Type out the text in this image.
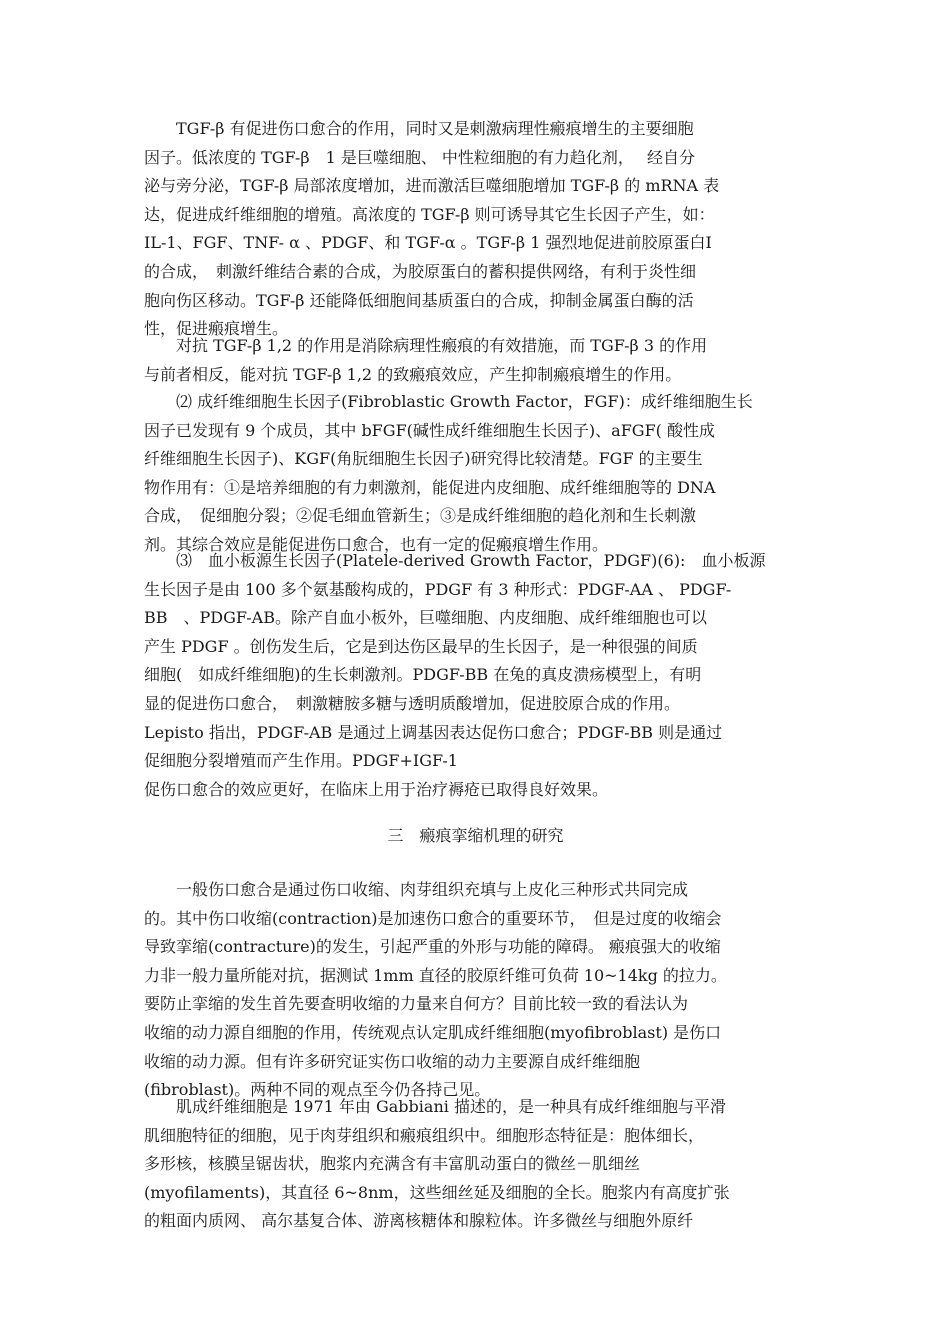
　　TGF-β 有促进伤口愈合的作用，同时又是刺激病理性瘢痕增生的主要细胞
因子。低浓度的 TGF-β　1 是巨噬细胞、 中性粒细胞的有力趋化剂，　 经自分
泌与旁分泌，TGF-β 局部浓度增加，进而激活巨噬细胞增加 TGF-β 的 mRNA 表
达，促进成纤维细胞的增殖。高浓度的 TGF-β 则可诱导其它生长因子产生，如：
IL-1、FGF、TNF- α 、PDGF、和 TGF-α 。TGF-β 1 强烈地促进前胶原蛋白Ⅰ
的合成，　刺激纤维结合素的合成，为胶原蛋白的蓄积提供网络，有利于炎性细
胞向伤区移动。TGF-β 还能降低细胞间基质蛋白的合成，抑制金属蛋白酶的活
性，促进瘢痕增生。
　　对抗 TGF-β 1,2 的作用是消除病理性瘢痕的有效措施，而 TGF-β 3 的作用
与前者相反，能对抗 TGF-β 1,2 的致瘢痕效应，产生抑制瘢痕增生的作用。
　　⑵ 成纤维细胞生长因子(Fibroblastic Growth Factor，FGF)：成纤维细胞生长
因子已发现有 9 个成员，其中 bFGF(碱性成纤维细胞生长因子)、aFGF( 酸性成
纤维细胞生长因子)、KGF(角朊细胞生长因子)研究得比较清楚。FGF 的主要生
物作用有：①是培养细胞的有力刺激剂，能促进内皮细胞、成纤维细胞等的 DNA
合成，　促细胞分裂；②促毛细血管新生；③是成纤维细胞的趋化剂和生长刺激
剂。其综合效应是能促进伤口愈合，也有一定的促瘢痕增生作用。
　　⑶　血小板源生长因子(Platele-derived Growth Factor，PDGF)(6):　血小板源
生长因子是由 100 多个氨基酸构成的，PDGF 有 3 种形式：PDGF-AA 、 PDGF-
BB　、PDGF-AB。除产自血小板外，巨噬细胞、内皮细胞、成纤维细胞也可以
产生 PDGF 。创伤发生后，它是到达伤区最早的生长因子，是一种很强的间质
细胞(　如成纤维细胞)的生长刺激剂。PDGF-BB 在兔的真皮溃疡模型上，有明
显的促进伤口愈合，　刺激糖胺多糖与透明质酸增加，促进胶原合成的作用。
Lepisto 指出，PDGF-AB 是通过上调基因表达促伤口愈合；PDGF-BB 则是通过
促细胞分裂增殖而产生作用。PDGF+IGF-1
促伤口愈合的效应更好，在临床上用于治疗褥疮已取得良好效果。
三　瘢痕挛缩机理的研究
　　一般伤口愈合是通过伤口收缩、肉芽组织充填与上皮化三种形式共同完成
的。其中伤口收缩(contraction)是加速伤口愈合的重要环节，　但是过度的收缩会
导致挛缩(contracture)的发生，引起严重的外形与功能的障碍。 瘢痕强大的收缩
力非一般力量所能对抗，据测试 1mm 直径的胶原纤维可负荷 10~14kg 的拉力。
要防止挛缩的发生首先要查明收缩的力量来自何方？目前比较一致的看法认为
收缩的动力源自细胞的作用，传统观点认定肌成纤维细胞(myofibroblast) 是伤口
收缩的动力源。但有许多研究证实伤口收缩的动力主要源自成纤维细胞
(fibroblast)。两种不同的观点至今仍各持己见。
　　肌成纤维细胞是 1971 年由 Gabbiani 描述的，是一种具有成纤维细胞与平滑
肌细胞特征的细胞，见于肉芽组织和瘢痕组织中。细胞形态特征是：胞体细长，
多形核，核膜呈锯齿状，胞浆内充满含有丰富肌动蛋白的微丝－肌细丝
(myofilaments)，其直径 6~8nm，这些细丝延及细胞的全长。胞浆内有高度扩张
的粗面内质网、 高尔基复合体、游离核糖体和腺粒体。许多微丝与细胞外原纤
